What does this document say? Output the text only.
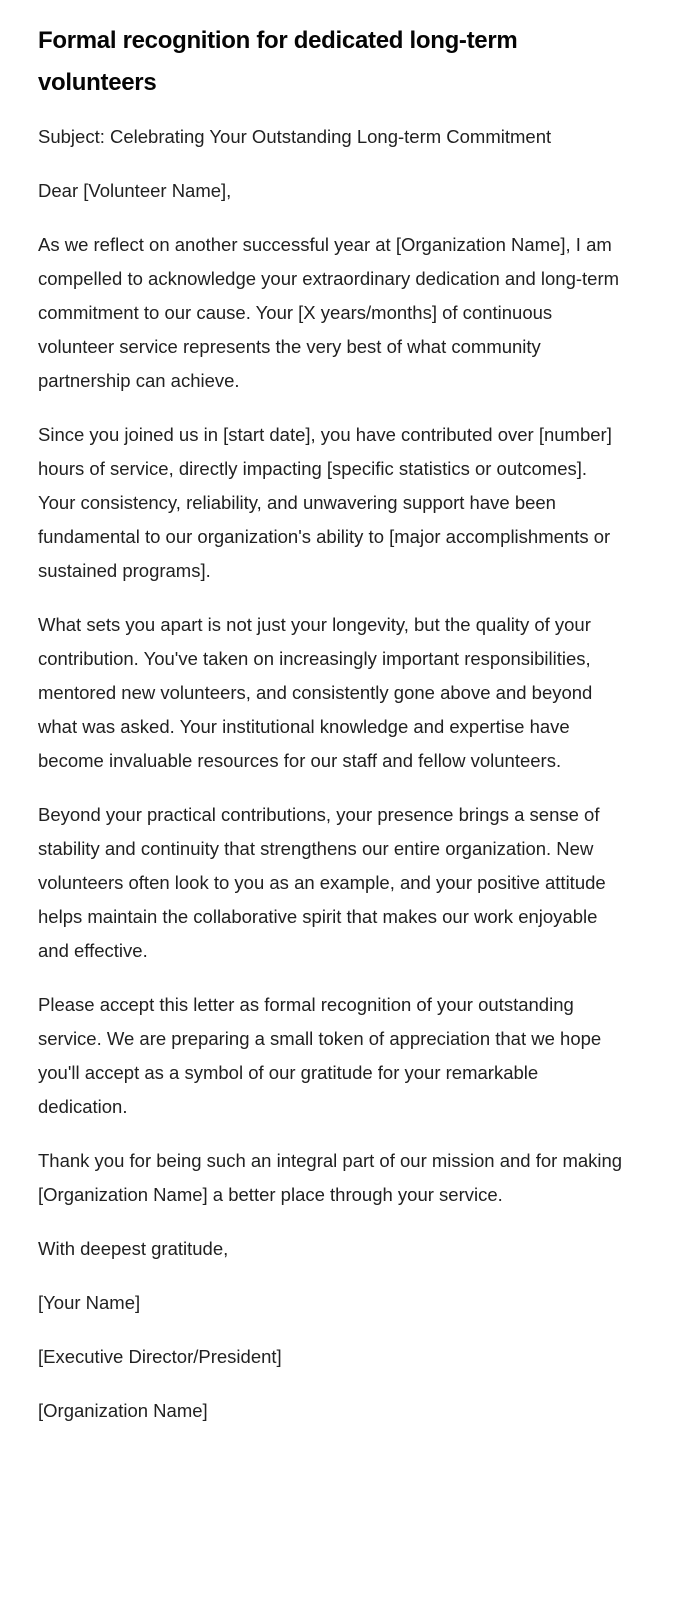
Formal recognition for dedicated long-term volunteers

Subject: Celebrating Your Outstanding Long-term Commitment

Dear [Volunteer Name],

As we reflect on another successful year at [Organization Name], I am compelled to acknowledge your extraordinary dedication and long-term commitment to our cause. Your [X years/months] of continuous volunteer service represents the very best of what community partnership can achieve.

Since you joined us in [start date], you have contributed over [number] hours of service, directly impacting [specific statistics or outcomes]. Your consistency, reliability, and unwavering support have been fundamental to our organization's ability to [major accomplishments or sustained programs].

What sets you apart is not just your longevity, but the quality of your contribution. You've taken on increasingly important responsibilities, mentored new volunteers, and consistently gone above and beyond what was asked. Your institutional knowledge and expertise have become invaluable resources for our staff and fellow volunteers.

Beyond your practical contributions, your presence brings a sense of stability and continuity that strengthens our entire organization. New volunteers often look to you as an example, and your positive attitude helps maintain the collaborative spirit that makes our work enjoyable and effective.

Please accept this letter as formal recognition of your outstanding service. We are preparing a small token of appreciation that we hope you'll accept as a symbol of our gratitude for your remarkable dedication.

Thank you for being such an integral part of our mission and for making [Organization Name] a better place through your service.

With deepest gratitude,

[Your Name]

[Executive Director/President]

[Organization Name]
